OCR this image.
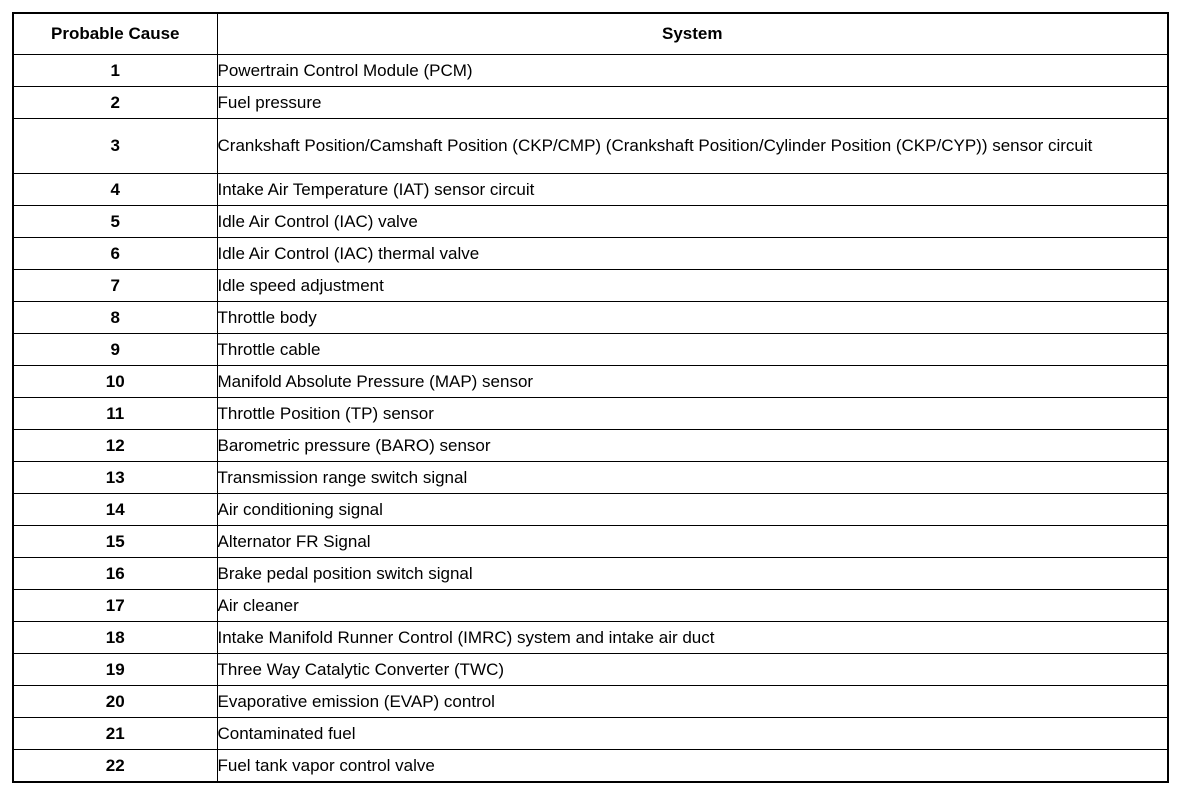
Probable Cause	System
1	Powertrain Control Module (PCM)
2	Fuel pressure
3	Crankshaft Position/Camshaft Position (CKP/CMP) (Crankshaft Position/Cylinder Position (CKP/CYP)) sensor circuit
4	Intake Air Temperature (IAT) sensor circuit
5	Idle Air Control (IAC) valve
6	Idle Air Control (IAC) thermal valve
7	Idle speed adjustment
8	Throttle body
9	Throttle cable
10	Manifold Absolute Pressure (MAP) sensor
11	Throttle Position (TP) sensor
12	Barometric pressure (BARO) sensor
13	Transmission range switch signal
14	Air conditioning signal
15	Alternator FR Signal
16	Brake pedal position switch signal
17	Air cleaner
18	Intake Manifold Runner Control (IMRC) system and intake air duct
19	Three Way Catalytic Converter (TWC)
20	Evaporative emission (EVAP) control
21	Contaminated fuel
22	Fuel tank vapor control valve
